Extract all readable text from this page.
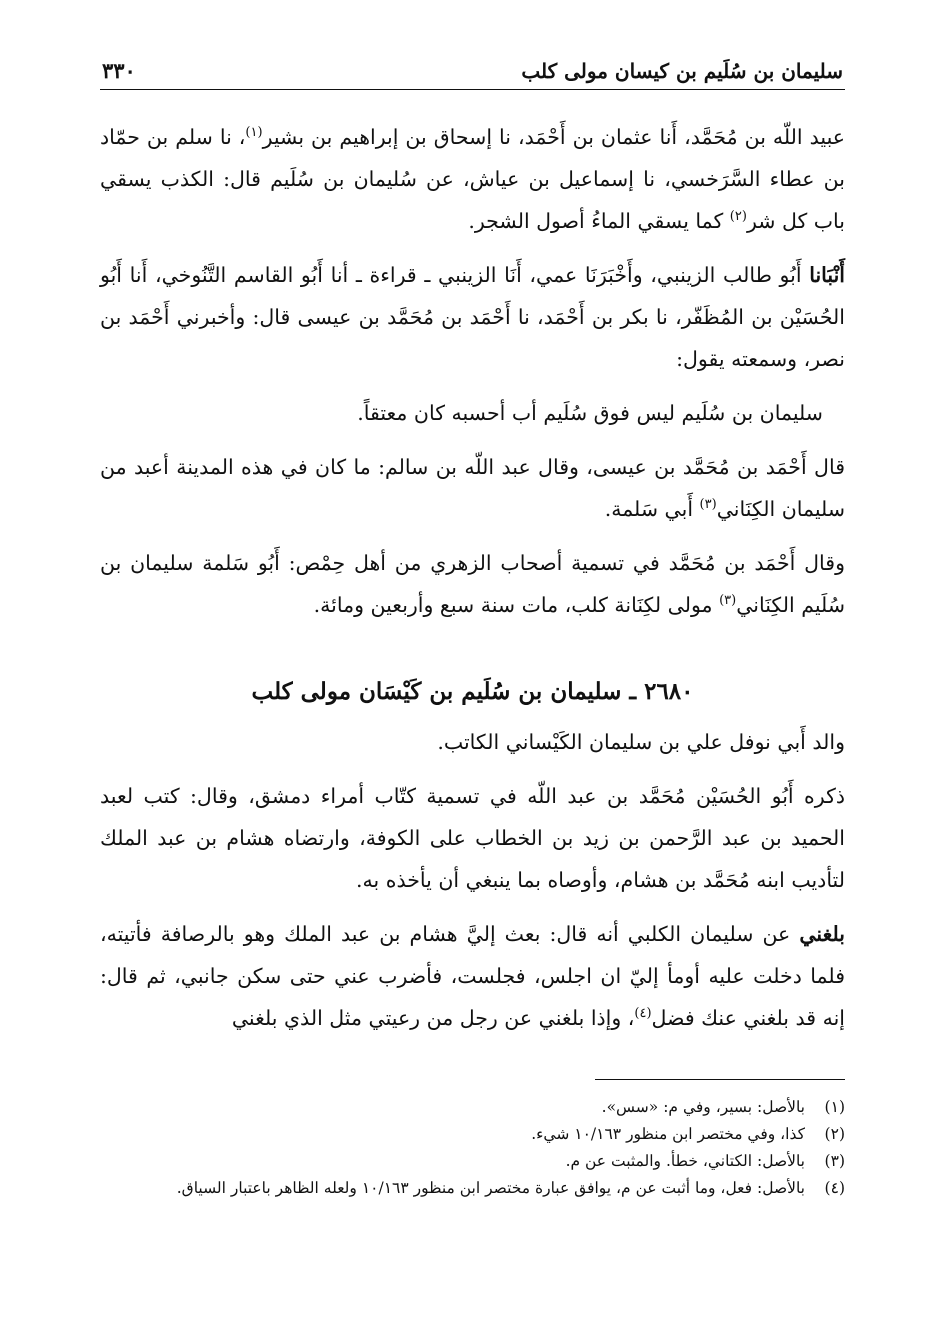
سليمان بن سُلَيم بن كيسان مولى كلب
٣٣٠

عبيد اللّه بن مُحَمَّد، أَنا عثمان بن أَحْمَد، نا إسحاق بن إبراهيم بن بشير$^{(١)}$، نا سلم بن حمّاد بن عطاء السَّرَخسي، نا إسماعيل بن عياش، عن سُليمان بن سُلَيم قال: الكذب يسقي باب كل شر$^{(٢)}$ كما يسقي الماءُ أصول الشجر.

أَنْبَانا أَبُو طالب الزينبي، وأَخْبَرَنَا عمي، أَنَا الزينبي ـ قراءة ـ أنا أَبُو القاسم التَّنُوخي، أَنا أَبُو الحُسَيْن بن المُظَفّر، نا بكر بن أَحْمَد، نا أَحْمَد بن مُحَمَّد بن عيسى قال: وأخبرني أَحْمَد بن نصر، وسمعته يقول:

سليمان بن سُلَيم ليس فوق سُلَيم أب أحسبه كان معتقاً.

قال أَحْمَد بن مُحَمَّد بن عيسى، وقال عبد اللّه بن سالم: ما كان في هذه المدينة أعبد من سليمان الكِنَاني$^{(٣)}$ أَبي سَلمة.

وقال أَحْمَد بن مُحَمَّد في تسمية أصحاب الزهري من أهل حِمْص: أَبُو سَلمة سليمان بن سُلَيم الكِنَاني$^{(٣)}$ مولى لكِنَانة كلب، مات سنة سبع وأربعين ومائة.

٢٦٨٠ ـ سليمان بن سُلَيم بن كَيْسَان مولى كلب

والد أَبي نوفل علي بن سليمان الكَيْساني الكاتب.

ذكره أَبُو الحُسَيْن مُحَمَّد بن عبد اللّه في تسمية كتّاب أمراء دمشق، وقال: كتب لعبد الحميد بن عبد الرَّحمن بن زيد بن الخطاب على الكوفة، وارتضاه هشام بن عبد الملك لتأديب ابنه مُحَمَّد بن هشام، وأوصاه بما ينبغي أن يأخذه به.

بلغني عن سليمان الكلبي أنه قال: بعث إليَّ هشام بن عبد الملك وهو بالرصافة فأتيته، فلما دخلت عليه أومأ إليّ ان اجلس، فجلست، فأضرب عني حتى سكن جانبي، ثم قال: إنه قد بلغني عنك فضل$^{(٤)}$، وإذا بلغني عن رجل من رعيتي مثل الذي بلغني

(١)
بالأصل: بسير، وفي م: «سس».
(٢)
كذا، وفي مختصر ابن منظور ١٠/١٦٣ شيء.
(٣)
بالأصل: الكتاني، خطأ. والمثبت عن م.
(٤)
بالأصل: فعل، وما أثبت عن م، يوافق عبارة مختصر ابن منظور ١٠/١٦٣ ولعله الظاهر باعتبار السياق.
